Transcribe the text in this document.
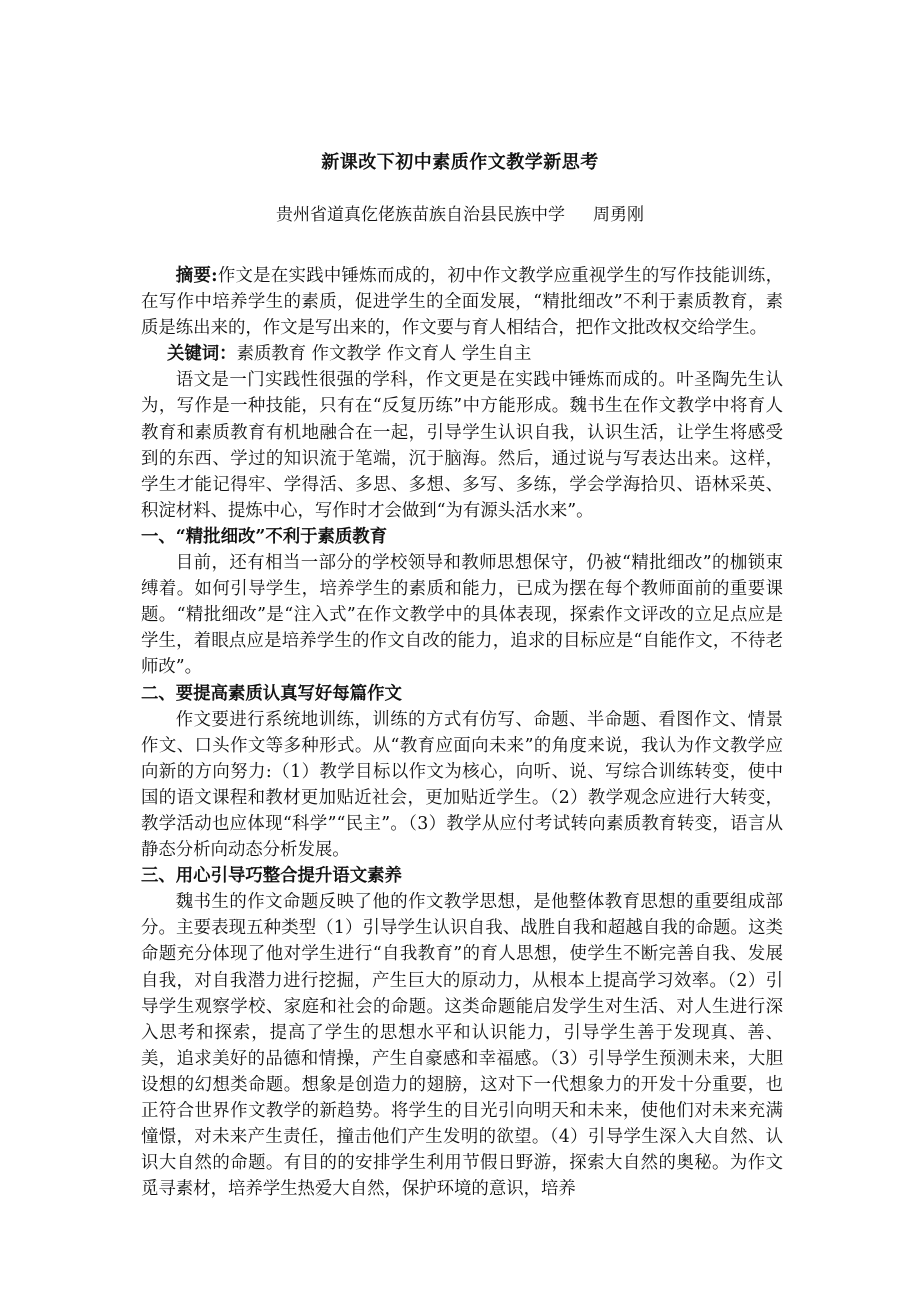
新课改下初中素质作文教学新思考
贵州省道真仡佬族苗族自治县民族中学 周勇刚

摘要:作文是在实践中锤炼而成的，初中作文教学应重视学生的写作技能训练，在写作中培养学生的素质，促进学生的全面发展，“精批细改”不利于素质教育，素质是练出来的，作文是写出来的，作文要与育人相结合，把作文批改权交给学生。

关键词：素质教育 作文教学 作文育人 学生自主

语文是一门实践性很强的学科，作文更是在实践中锤炼而成的。叶圣陶先生认为，写作是一种技能，只有在“反复历练”中方能形成。魏书生在作文教学中将育人教育和素质教育有机地融合在一起，引导学生认识自我，认识生活，让学生将感受到的东西、学过的知识流于笔端，沉于脑海。然后，通过说与写表达出来。这样，学生才能记得牢、学得活、多思、多想、多写、多练，学会学海拾贝、语林采英、积淀材料、提炼中心，写作时才会做到“为有源头活水来”。

一、“精批细改”不利于素质教育

目前，还有相当一部分的学校领导和教师思想保守，仍被“精批细改”的枷锁束缚着。如何引导学生，培养学生的素质和能力，已成为摆在每个教师面前的重要课题。“精批细改”是“注入式”在作文教学中的具体表现，探索作文评改的立足点应是学生，着眼点应是培养学生的作文自改的能力，追求的目标应是“自能作文，不待老师改”。

二、要提高素质认真写好每篇作文

作文要进行系统地训练，训练的方式有仿写、命题、半命题、看图作文、情景作文、口头作文等多种形式。从“教育应面向未来”的角度来说，我认为作文教学应向新的方向努力:（1）教学目标以作文为核心，向听、说、写综合训练转变，使中国的语文课程和教材更加贴近社会，更加贴近学生。（2）教学观念应进行大转变，教学活动也应体现“科学”“民主”。（3）教学从应付考试转向素质教育转变，语言从静态分析向动态分析发展。

三、用心引导巧整合提升语文素养

魏书生的作文命题反映了他的作文教学思想，是他整体教育思想的重要组成部分。主要表现五种类型（1）引导学生认识自我、战胜自我和超越自我的命题。这类命题充分体现了他对学生进行“自我教育”的育人思想，使学生不断完善自我、发展自我，对自我潜力进行挖掘，产生巨大的原动力，从根本上提高学习效率。（2）引导学生观察学校、家庭和社会的命题。这类命题能启发学生对生活、对人生进行深入思考和探索，提高了学生的思想水平和认识能力，引导学生善于发现真、善、美，追求美好的品德和情操，产生自豪感和幸福感。（3）引导学生预测未来，大胆设想的幻想类命题。想象是创造力的翅膀，这对下一代想象力的开发十分重要，也正符合世界作文教学的新趋势。将学生的目光引向明天和未来，使他们对未来充满憧憬，对未来产生责任，撞击他们产生发明的欲望。（4）引导学生深入大自然、认识大自然的命题。有目的的安排学生利用节假日野游，探索大自然的奥秘。为作文觅寻素材，培养学生热爱大自然，保护环境的意识，培养
